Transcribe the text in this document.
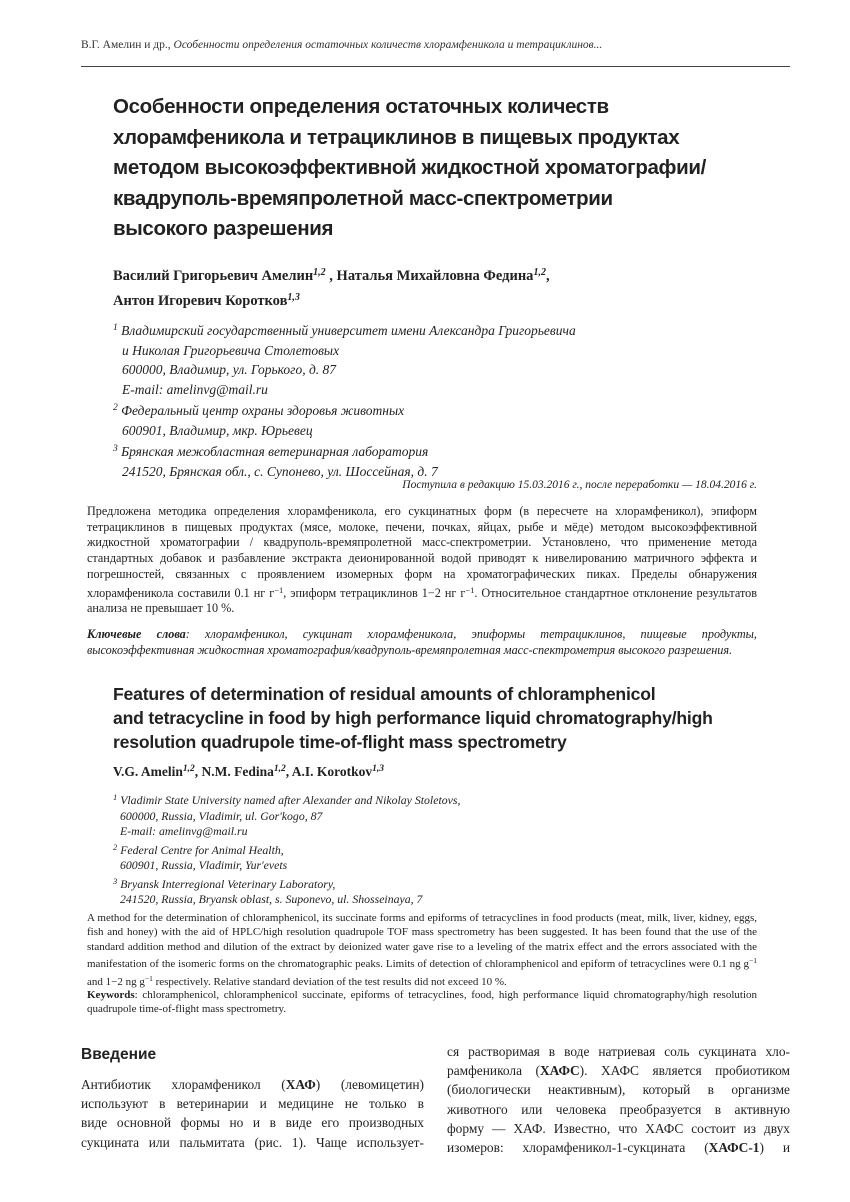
В.Г. Амелин и др., Особенности определения остаточных количеств хлорамфеникола и тетрациклинов...
Особенности определения остаточных количеств
хлорамфеникола и тетрациклинов в пищевых продуктах
методом высокоэффективной жидкостной хроматографии/
квадруполь-времяпролетной масс-спектрометрии
высокого разрешения
Василий Григорьевич Амелин$^{1,2}$ , Наталья Михайловна Федина$^{1,2}$,
Антон Игоревич Коротков$^{1,3}$
$^1$ Владимирский государственный университет имени Александра Григорьевича
и Николая Григорьевича Столетовых
600000, Владимир, ул. Горького, д. 87
E-mail: amelinvg@mail.ru
$^2$ Федеральный центр охраны здоровья животных
600901, Владимир, мкр. Юрьевец
$^3$ Брянская межобластная ветеринарная лаборатория
241520, Брянская обл., с. Супонево, ул. Шоссейная, д. 7
Поступила в редакцию 15.03.2016 г., после переработки — 18.04.2016 г.
Предложена методика определения хлорамфеникола, его сукцинатных форм (в пересчете на хлорамфеникол), эпиформ тетрациклинов в пищевых продуктах (мясе, молоке, печени, почках, яйцах, рыбе и мёде) методом высокоэффективной жидкостной хроматографии / квадруполь-времяпролетной масс-спектрометрии. Установлено, что применение метода стандартных добавок и разбавление экстракта деионированной водой приводят к нивелированию матричного эффекта и погрешностей, связанных с проявлением изомерных форм на хроматографических пиках. Пределы обнаружения хлорамфеникола составили 0.1 нг $г^{-1}$, эпиформ тетрациклинов 1−2 нг $г^{-1}$. Относительное стандартное отклонение результатов анализа не превышает 10 %.
Ключевые слова: хлорамфеникол, сукцинат хлорамфеникола, эпиформы тетрациклинов, пищевые продукты, высокоэффективная жидкостная хроматография/квадруполь-времяпролетная масс-спектрометрия высокого разрешения.
Features of determination of residual amounts of chloramphenicol
and tetracycline in food by high performance liquid chromatography/high
resolution quadrupole time-of-flight mass spectrometry
V.G. Amelin$^{1,2}$, N.M. Fedina$^{1,2}$, A.I. Korotkov$^{1,3}$
$^1$ Vladimir State University named after Alexander and Nikolay Stoletovs,
600000, Russia, Vladimir, ul. Gor'kogo, 87
E-mail: amelinvg@mail.ru
$^2$ Federal Centre for Animal Health,
600901, Russia, Vladimir, Yur'evets
$^3$ Bryansk Interregional Veterinary Laboratory,
241520, Russia, Bryansk oblast, s. Suponevo, ul. Shosseinaya, 7
A method for the determination of chloramphenicol, its succinate forms and epiforms of tetracyclines in food products (meat, milk, liver, kidney, eggs, fish and honey) with the aid of HPLC/high resolution quadrupole TOF mass spectrometry has been suggested. It has been found that the use of the standard addition method and dilution of the extract by deionized water gave rise to a leveling of the matrix effect and the errors associated with the manifestation of the isomeric forms on the chromatographic peaks. Limits of detection of chloramphenicol and epiform of tetracyclines were 0.1 ng $g^{-1}$ and 1−2 ng $g^{-1}$ respectively. Relative standard deviation of the test results did not exceed 10 %.
Keywords: chloramphenicol, chloramphenicol succinate, epiforms of tetracyclines, food, high performance liquid chromatography/high resolution quadrupole time-of-flight mass spectrometry.
Введение
Антибиотик хлорамфеникол (ХАФ) (левомицетин)
используют в ветеринарии и медицине не только в
виде основной формы но и в виде его производных
сукцината или пальмитата (рис. 1). Чаще использует-
ся растворимая в воде натриевая соль сукцината хло-
рамфеникола (ХАФС). ХАФС является пробиотиком
(биологически неактивным), который в организме
животного или человека преобразуется в активную
форму — ХАФ. Известно, что ХАФС состоит из двух
изомеров: хлорамфеникол-1-сукцината (ХАФС-1) и
